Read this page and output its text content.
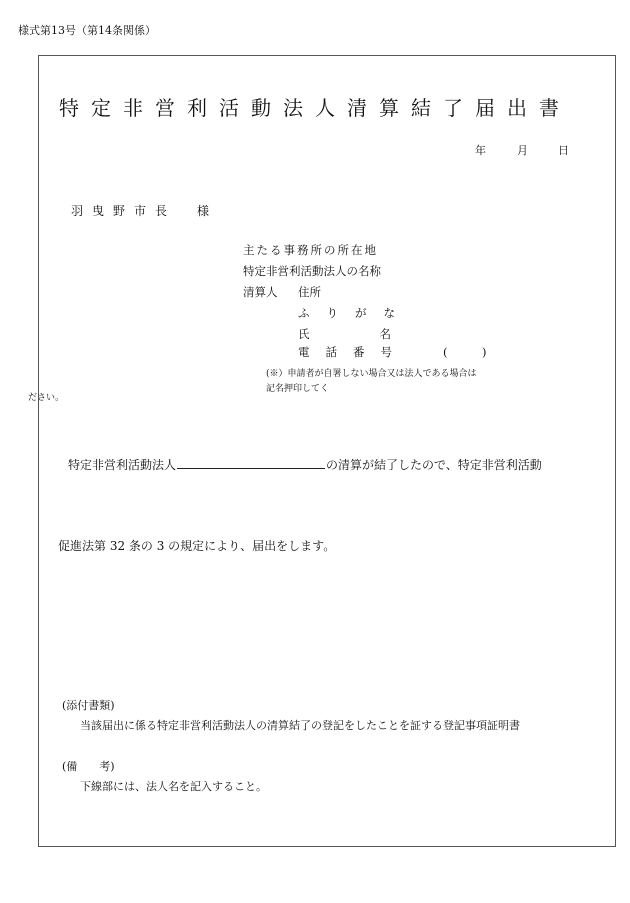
様式第13号（第14条関係）
特定非営利活動法人清算結了届出書
年	月	日
羽曳野市長　様
主たる事務所の所在地
特定非営利活動法人の名称
清算人 住所
ふりがな
氏名
電話番号	(　　　)
(※）申請者が自署しない場合又は法人である場合は
記名押印してく
ださい。
特定非営利活動法人	の清算が結了したので、特定非営利活動
促進法第 32 条の 3 の規定により、届出をします。
(添付書類)
当該届出に係る特定非営利活動法人の清算結了の登記をしたことを証する登記事項証明書
(備　　考)
下線部には、法人名を記入すること。
